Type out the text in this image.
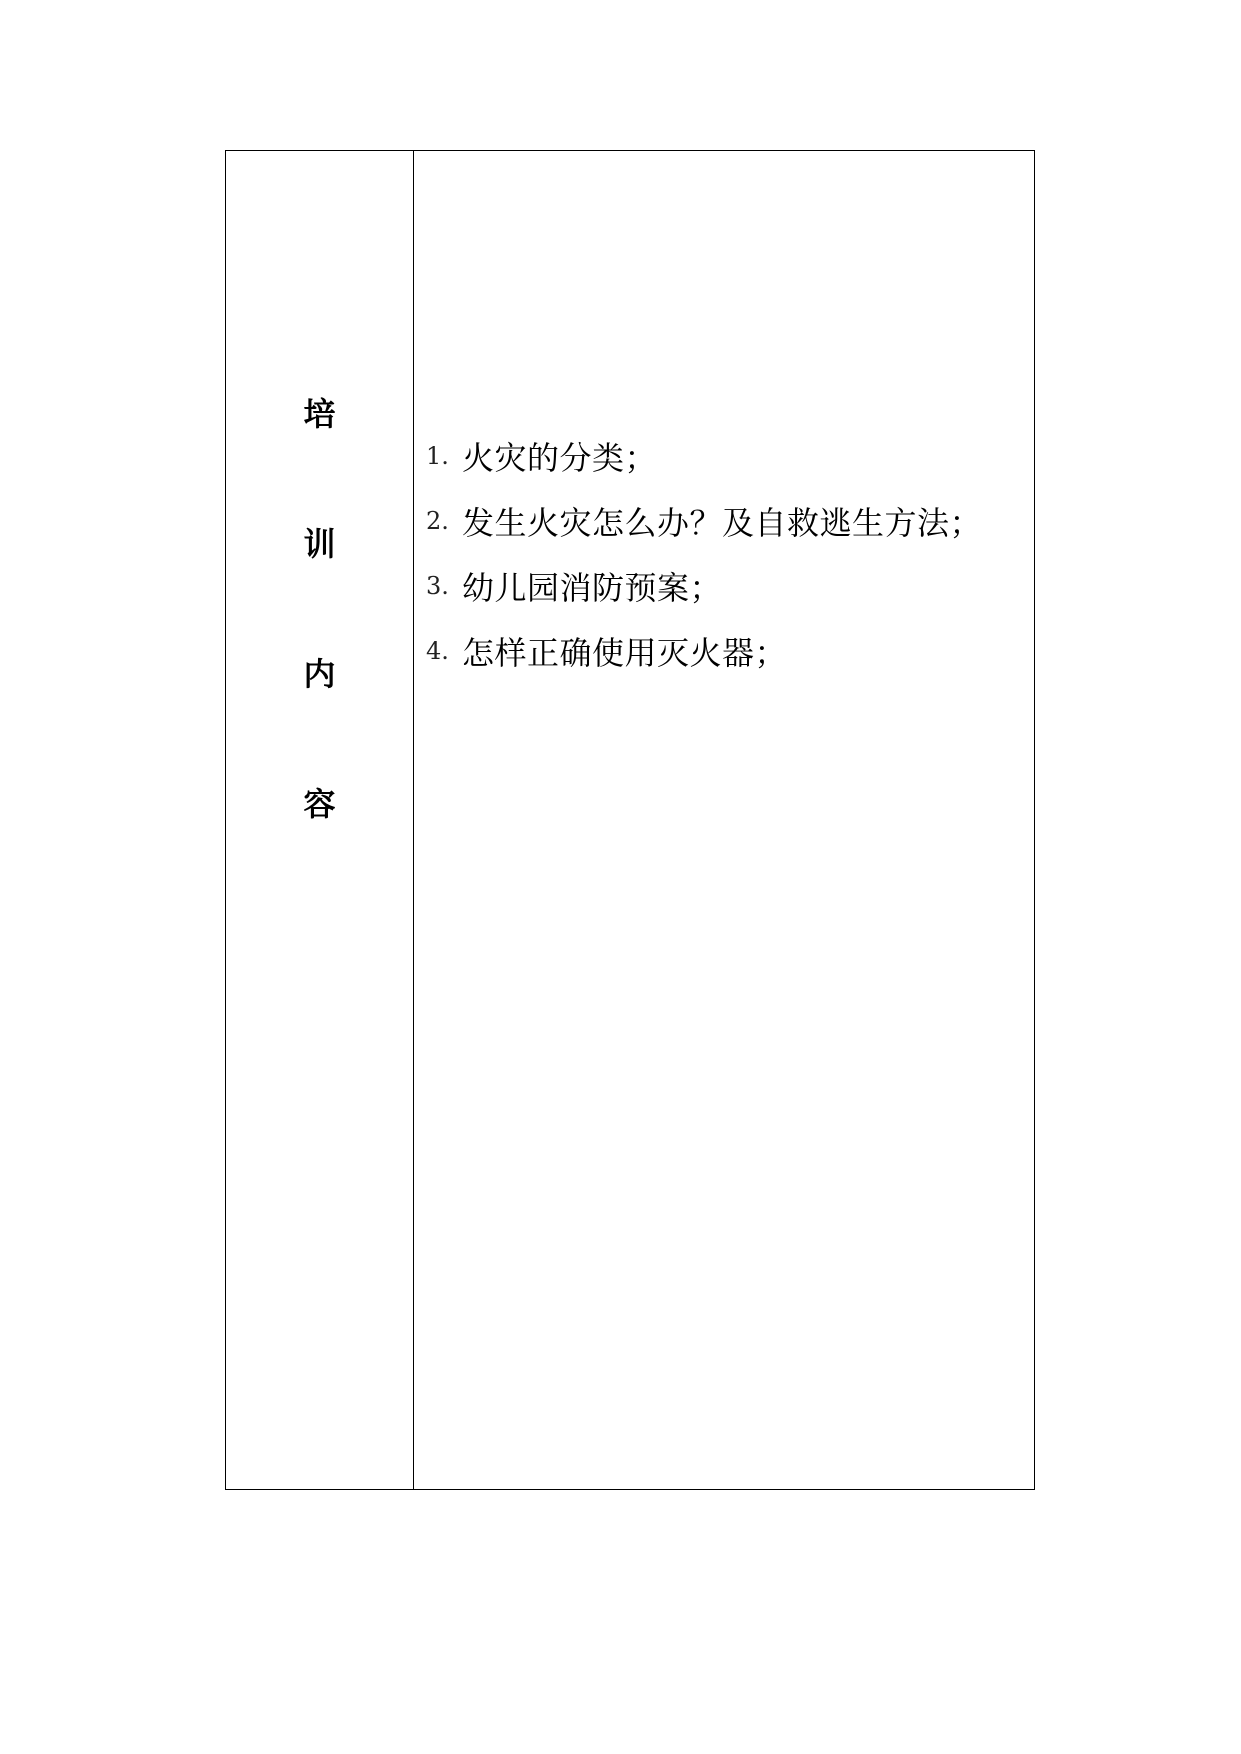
培
训
内
容
1. 火灾的分类；
2. 发生火灾怎么办？及自救逃生方法；
3. 幼儿园消防预案；
4. 怎样正确使用灭火器；
